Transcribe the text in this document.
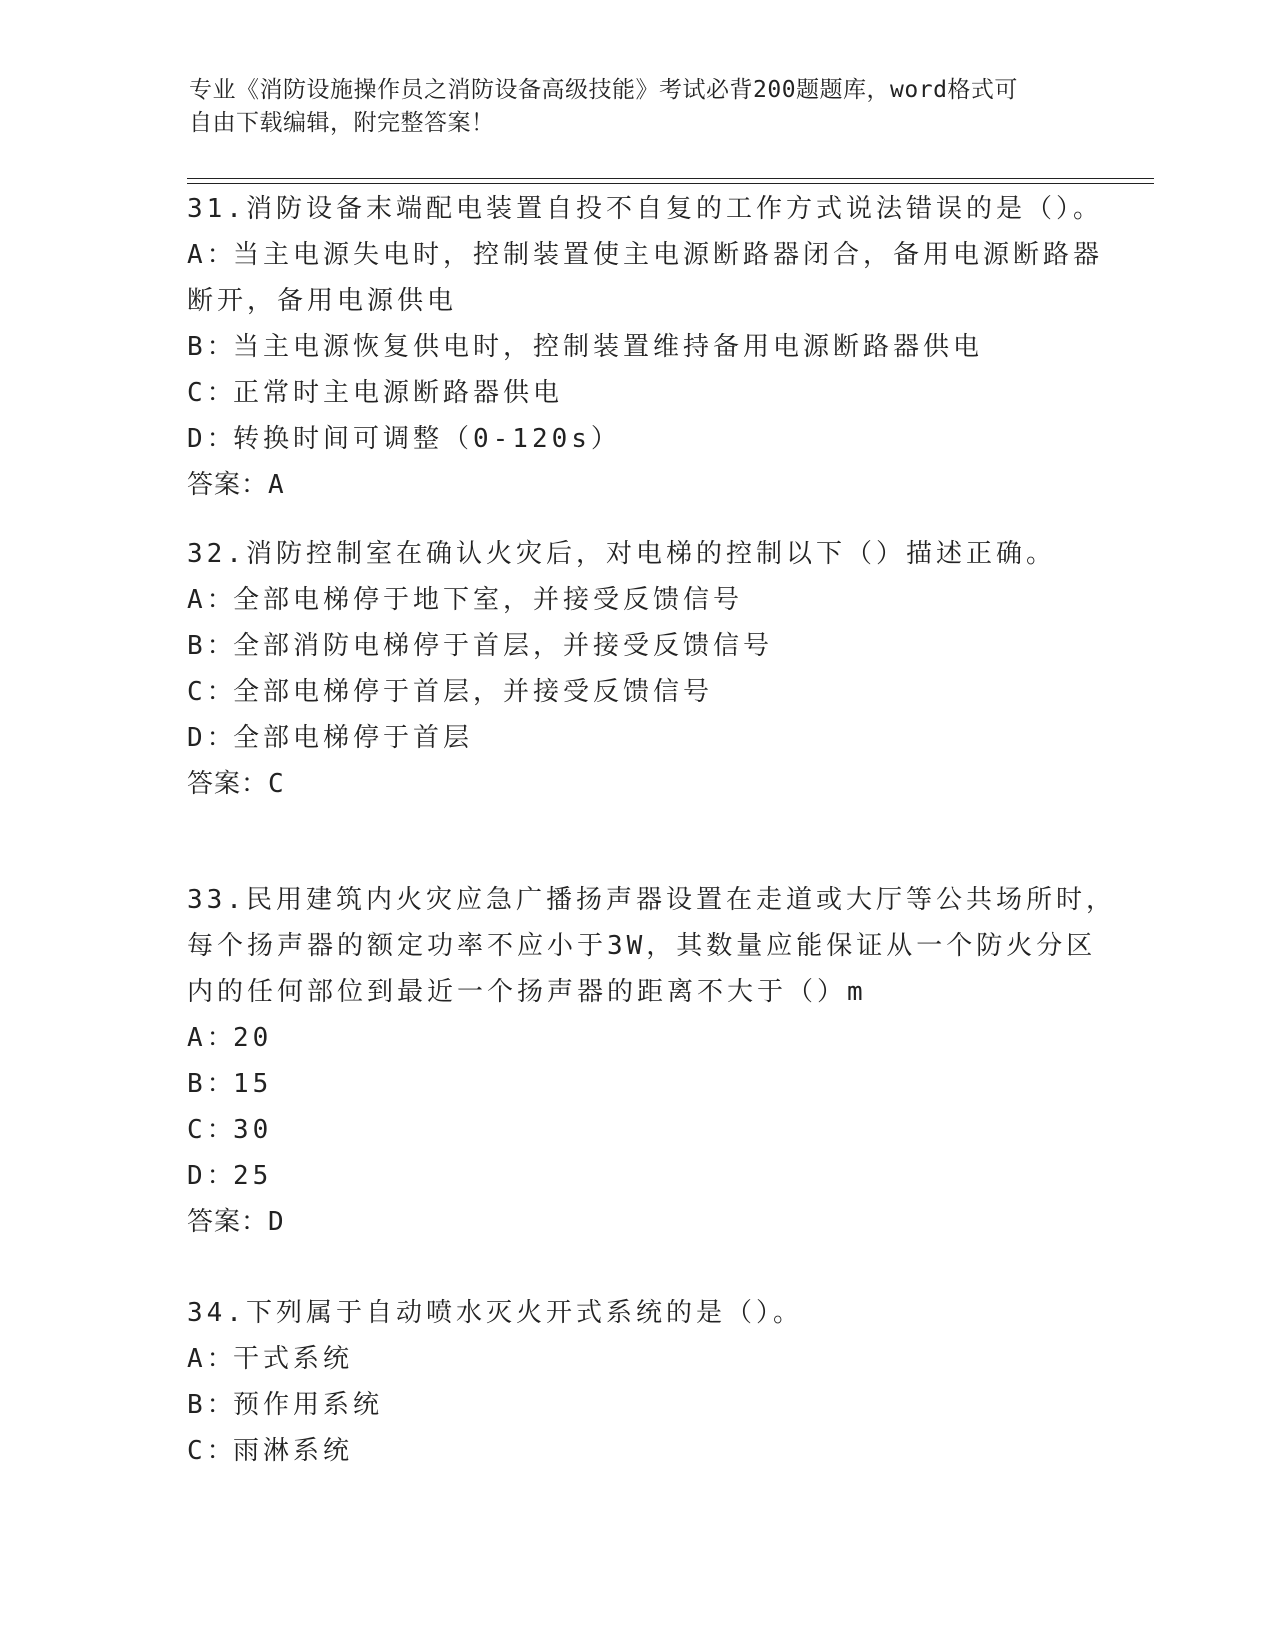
专业《消防设施操作员之消防设备高级技能》考试必背200题题库，word格式可
自由下载编辑，附完整答案！
31.消防设备末端配电装置自投不自复的工作方式说法错误的是（）。
A：
当主电源失电时，控制装置使主电源断路器闭合，备用电源断路器
断开，备用电源供电
B：
当主电源恢复供电时，控制装置维持备用电源断路器供电
C：
正常时主电源断路器供电
D：
转换时间可调整（0-120s）
答案：A
32.消防控制室在确认火灾后，对电梯的控制以下（）描述正确。
A：
全部电梯停于地下室，并接受反馈信号
B：
全部消防电梯停于首层，并接受反馈信号
C：
全部电梯停于首层，并接受反馈信号
D：
全部电梯停于首层
答案：C
33.民用建筑内火灾应急广播扬声器设置在走道或大厅等公共场所时，
每个扬声器的额定功率不应小于3W，其数量应能保证从一个防火分区
内的任何部位到最近一个扬声器的距离不大于（）m
A：
20
B：
15
C：
30
D：
25
答案：D
34.下列属于自动喷水灭火开式系统的是（）。
A：
干式系统
B：
预作用系统
C：
雨淋系统
